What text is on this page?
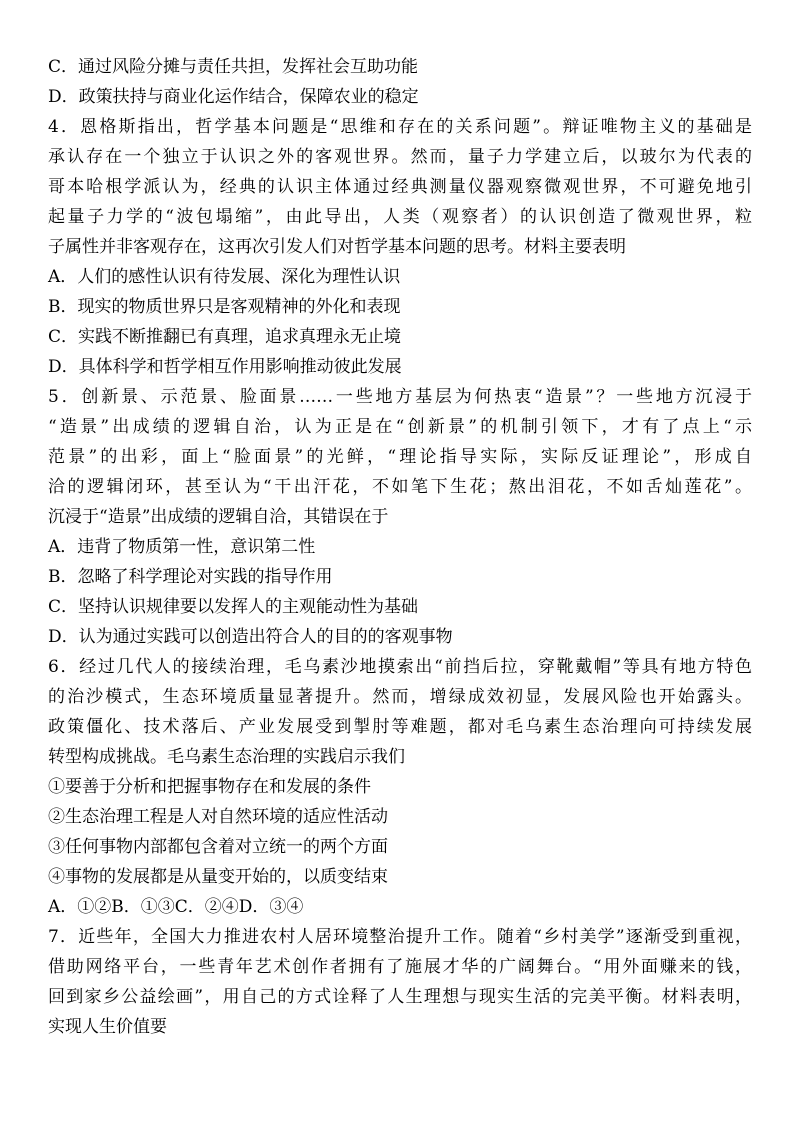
C．通过风险分摊与责任共担，发挥社会互助功能
D．政策扶持与商业化运作结合，保障农业的稳定
4．恩格斯指出，哲学基本问题是“思维和存在的关系问题”。辩证唯物主义的基础是
承认存在一个独立于认识之外的客观世界。然而，量子力学建立后，以玻尔为代表的
哥本哈根学派认为，经典的认识主体通过经典测量仪器观察微观世界，不可避免地引
起量子力学的“波包塌缩”，由此导出，人类（观察者）的认识创造了微观世界，粒
子属性并非客观存在，这再次引发人们对哲学基本问题的思考。材料主要表明
A．人们的感性认识有待发展、深化为理性认识
B．现实的物质世界只是客观精神的外化和表现
C．实践不断推翻已有真理，追求真理永无止境
D．具体科学和哲学相互作用影响推动彼此发展
5．创新景、示范景、脸面景……一些地方基层为何热衷“造景”？一些地方沉浸于
“造景”出成绩的逻辑自治，认为正是在“创新景”的机制引领下，才有了点上“示
范景”的出彩，面上“脸面景”的光鲜，“理论指导实际，实际反证理论”，形成自
洽的逻辑闭环，甚至认为“干出汗花，不如笔下生花；熬出泪花，不如舌灿莲花”。
沉浸于“造景”出成绩的逻辑自洽，其错误在于
A．违背了物质第一性，意识第二性
B．忽略了科学理论对实践的指导作用
C．坚持认识规律要以发挥人的主观能动性为基础
D．认为通过实践可以创造出符合人的目的的客观事物
6．经过几代人的接续治理，毛乌素沙地摸索出“前挡后拉，穿靴戴帽”等具有地方特色
的治沙模式，生态环境质量显著提升。然而，增绿成效初显，发展风险也开始露头。
政策僵化、技术落后、产业发展受到掣肘等难题，都对毛乌素生态治理向可持续发展
转型构成挑战。毛乌素生态治理的实践启示我们
①要善于分析和把握事物存在和发展的条件
②生态治理工程是人对自然环境的适应性活动
③任何事物内部都包含着对立统一的两个方面
④事物的发展都是从量变开始的，以质变结束
A．①②B．①③C．②④D．③④
7．近些年，全国大力推进农村人居环境整治提升工作。随着“乡村美学”逐渐受到重视，
借助网络平台，一些青年艺术创作者拥有了施展才华的广阔舞台。“用外面赚来的钱，
回到家乡公益绘画”，用自己的方式诠释了人生理想与现实生活的完美平衡。材料表明，
实现人生价值要
